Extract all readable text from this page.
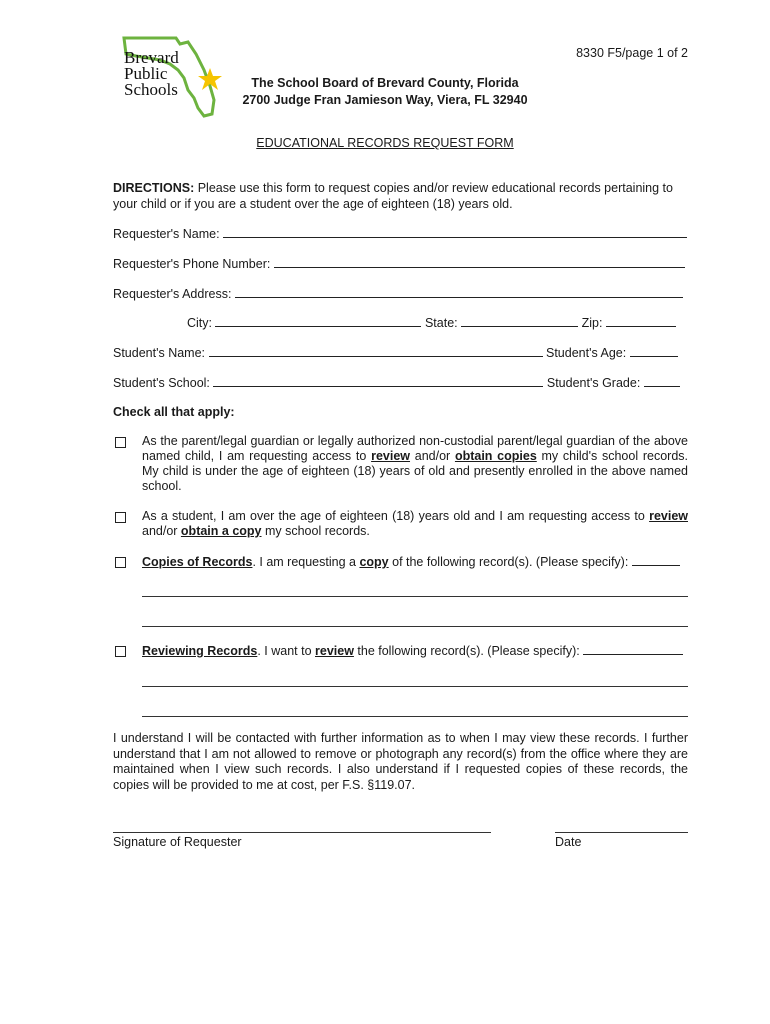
Brevard
Public
Schools
8330 F5/page 1 of 2
The School Board of Brevard County, Florida
2700 Judge Fran Jamieson Way, Viera, FL 32940
EDUCATIONAL RECORDS REQUEST FORM
DIRECTIONS: Please use this form to request copies and/or review educational records pertaining to your child or if you are a student over the age of eighteen (18) years old.
Requester's Name:
Requester's Phone Number:
Requester's Address:
City:	State:	Zip:
Student's Name:	Student's Age:
Student's School:	Student's Grade:
Check all that apply:
As the parent/legal guardian or legally authorized non-custodial parent/legal guardian of the above named child, I am requesting access to review and/or obtain copies my child's school records. My child is under the age of eighteen (18) years of old and presently enrolled in the above named school.
As a student, I am over the age of eighteen (18) years old and I am requesting access to review and/or obtain a copy my school records.
Copies of Records. I am requesting a copy of the following record(s). (Please specify):
Reviewing Records. I want to review the following record(s). (Please specify):
I understand I will be contacted with further information as to when I may view these records. I further understand that I am not allowed to remove or photograph any record(s) from the office where they are maintained when I view such records. I also understand if I requested copies of these records, the copies will be provided to me at cost, per F.S. §119.07.
Signature of Requester	Date
